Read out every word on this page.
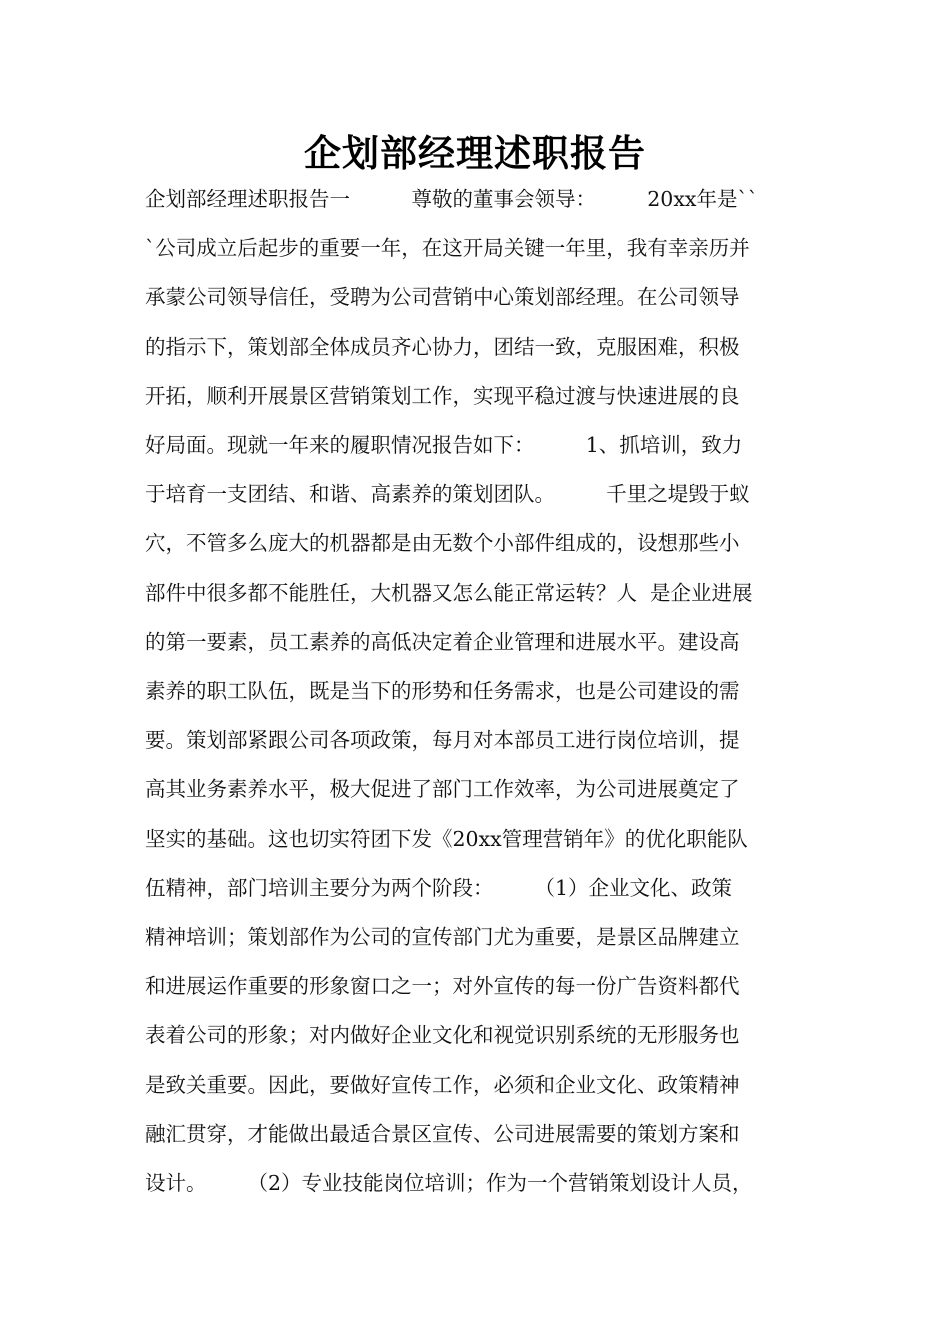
企划部经理述职报告
企划部经理述职报告一　　　尊敬的董事会领导：　　　20xx年是``
`公司成立后起步的重要一年，在这开局关键一年里，我有幸亲历并
承蒙公司领导信任，受聘为公司营销中心策划部经理。在公司领导
的指示下，策划部全体成员齐心协力，团结一致，克服困难，积极
开拓，顺利开展景区营销策划工作，实现平稳过渡与快速进展的良
好局面。现就一年来的履职情况报告如下：　　　1、抓培训，致力
于培育一支团结、和谐、高素养的策划团队。　　　千里之堤毁于蚁
穴，不管多么庞大的机器都是由无数个小部件组成的，设想那些小
部件中很多都不能胜任，大机器又怎么能正常运转？人  是企业进展
的第一要素，员工素养的高低决定着企业管理和进展水平。建设高
素养的职工队伍，既是当下的形势和任务需求，也是公司建设的需
要。策划部紧跟公司各项政策，每月对本部员工进行岗位培训，提
高其业务素养水平，极大促进了部门工作效率，为公司进展奠定了
坚实的基础。这也切实符团下发《20xx管理营销年》的优化职能队
伍精神，部门培训主要分为两个阶段：　　　（1）企业文化、政策
精神培训；策划部作为公司的宣传部门尤为重要，是景区品牌建立
和进展运作重要的形象窗口之一；对外宣传的每一份广告资料都代
表着公司的形象；对内做好企业文化和视觉识别系统的无形服务也
是致关重要。因此，要做好宣传工作，必须和企业文化、政策精神
融汇贯穿，才能做出最适合景区宣传、公司进展需要的策划方案和
设计。　　　（2）专业技能岗位培训；作为一个营销策划设计人员，
